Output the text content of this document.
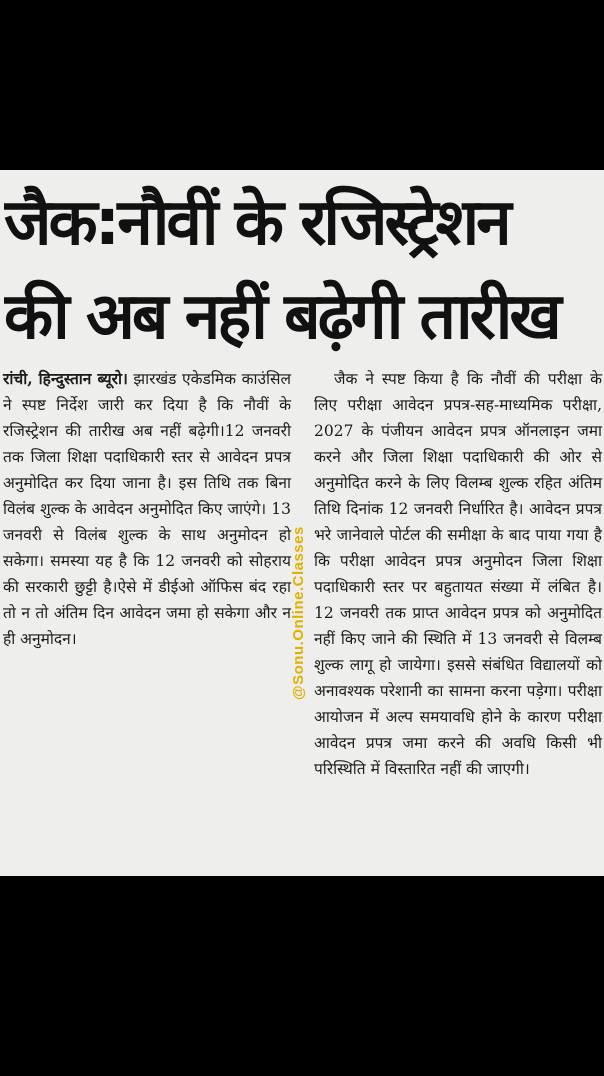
जैक:नौवीं के रजिस्ट्रेशन
की अब नहीं बढ़ेगी तारीख

रांची, हिन्दुस्तान ब्यूरो। झारखंड एकेडमिक काउंसिल ने स्पष्ट निर्देश जारी कर दिया है कि नौवीं के रजिस्ट्रेशन की तारीख अब नहीं बढ़ेगी।12 जनवरी तक जिला शिक्षा पदाधिकारी स्तर से आवेदन प्रपत्र अनुमोदित कर दिया जाना है। इस तिथि तक बिना विलंब शुल्क के आवेदन अनुमोदित किए जाएंगे। 13 जनवरी से विलंब शुल्क के साथ अनुमोदन हो सकेगा। समस्या यह है कि 12 जनवरी को सोहराय की सरकारी छुट्टी है।ऐसे में डीईओ ऑफिस बंद रहा तो न तो अंतिम दिन आवेदन जमा हो सकेगा और न ही अनुमोदन।

जैक ने स्पष्ट किया है कि नौवीं की परीक्षा के लिए परीक्षा आवेदन प्रपत्र-सह-माध्यमिक परीक्षा, 2027 के पंजीयन आवेदन प्रपत्र ऑनलाइन जमा करने और जिला शिक्षा पदाधिकारी की ओर से अनुमोदित करने के लिए विलम्ब शुल्क रहित अंतिम तिथि दिनांक 12 जनवरी निर्धारित है। आवेदन प्रपत्र भरे जानेवाले पोर्टल की समीक्षा के बाद पाया गया है कि परीक्षा आवेदन प्रपत्र अनुमोदन जिला शिक्षा पदाधिकारी स्तर पर बहुतायत संख्या में लंबित है। 12 जनवरी तक प्राप्त आवेदन प्रपत्र को अनुमोदित नहीं किए जाने की स्थिति में 13 जनवरी से विलम्ब शुल्क लागू हो जायेगा। इससे संबंधित विद्यालयों को अनावश्यक परेशानी का सामना करना पड़ेगा। परीक्षा आयोजन में अल्प समयावधि होने के कारण परीक्षा आवेदन प्रपत्र जमा करने की अवधि किसी भी परिस्थिति में विस्तारित नहीं की जाएगी।

@Sonu.Online.Classes
